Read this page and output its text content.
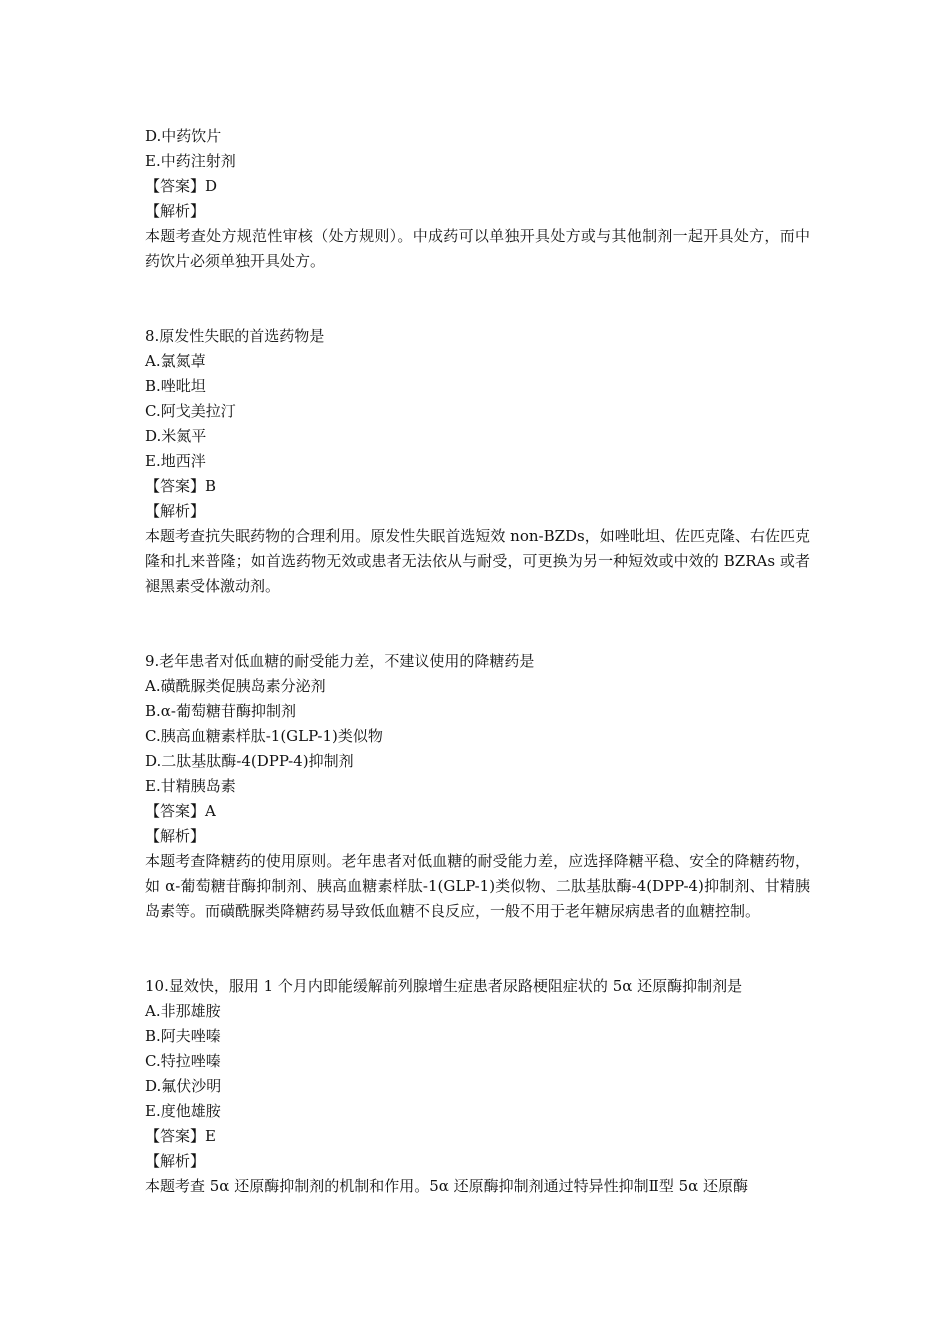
D.中药饮片
E.中药注射剂
【答案】D
【解析】
本题考查处方规范性审核（处方规则）。中成药可以单独开具处方或与其他制剂一起开具处方，而中药饮片必须单独开具处方。
8.原发性失眠的首选药物是
A.氯氮䓬
B.唑吡坦
C.阿戈美拉汀
D.米氮平
E.地西泮
【答案】B
【解析】
本题考查抗失眠药物的合理利用。原发性失眠首选短效 non-BZDs，如唑吡坦、佐匹克隆、右佐匹克隆和扎来普隆；如首选药物无效或患者无法依从与耐受，可更换为另一种短效或中效的 BZRAs 或者褪黑素受体激动剂。
9.老年患者对低血糖的耐受能力差，不建议使用的降糖药是
A.磺酰脲类促胰岛素分泌剂
B.α-葡萄糖苷酶抑制剂
C.胰高血糖素样肽-1(GLP-1)类似物
D.二肽基肽酶-4(DPP-4)抑制剂
E.甘精胰岛素
【答案】A
【解析】
本题考查降糖药的使用原则。老年患者对低血糖的耐受能力差，应选择降糖平稳、安全的降糖药物，如 α-葡萄糖苷酶抑制剂、胰高血糖素样肽-1(GLP-1)类似物、二肽基肽酶-4(DPP-4)抑制剂、甘精胰岛素等。而磺酰脲类降糖药易导致低血糖不良反应，一般不用于老年糖尿病患者的血糖控制。
10.显效快，服用 1 个月内即能缓解前列腺增生症患者尿路梗阻症状的 5α 还原酶抑制剂是
A.非那雄胺
B.阿夫唑嗪
C.特拉唑嗪
D.氟伏沙明
E.度他雄胺
【答案】E
【解析】
本题考查 5α 还原酶抑制剂的机制和作用。5α 还原酶抑制剂通过特异性抑制Ⅱ型 5α 还原酶
